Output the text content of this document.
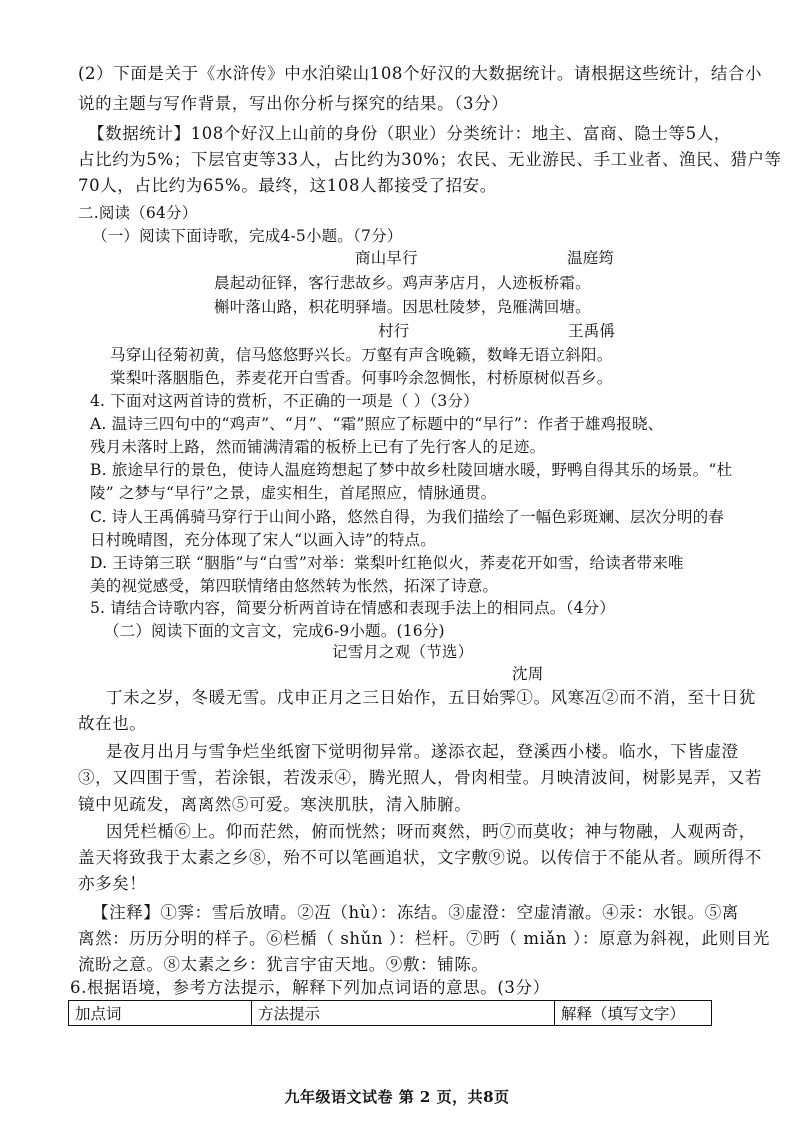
(2）下面是关于《水浒传》中水泊梁山108个好汉的大数据统计。请根据这些统计，结合小
说的主题与写作背景，写出你分析与探究的结果。（3分）
【数据统计】108个好汉上山前的身份（职业）分类统计：地主、富商、隐士等5人，
占比约为5%；下层官吏等33人，占比约为30%；农民、无业游民、手工业者、渔民、猎户等
70人，占比约为65%。最终，这108人都接受了招安。
二.阅读（64分）
（一）阅读下面诗歌，完成4-5小题。（7分）
商山早行	温庭筠
晨起动征铎，客行悲故乡。鸡声茅店月，人迹板桥霜。
槲叶落山路，枳花明驿墙。因思杜陵梦，凫雁满回塘。
村行	王禹偁
马穿山径菊初黄，信马悠悠野兴长。万壑有声含晚籁，数峰无语立斜阳。
棠梨叶落胭脂色，荞麦花开白雪香。何事吟余忽惆怅，村桥原树似吾乡。
4. 下面对这两首诗的赏析，不正确的一项是（ ）（3分）
A. 温诗三四句中的“鸡声”、“月”、“霜”照应了标题中的“早行”：作者于雄鸡报晓、
残月未落时上路，然而铺满清霜的板桥上已有了先行客人的足迹。
B. 旅途早行的景色，使诗人温庭筠想起了梦中故乡杜陵回塘水暖，野鸭自得其乐的场景。“杜
陵” 之梦与“早行”之景，虚实相生，首尾照应，情脉通贯。
C. 诗人王禹偁骑马穿行于山间小路，悠然自得，为我们描绘了一幅色彩斑斓、层次分明的春
日村晚晴图，充分体现了宋人“以画入诗”的特点。
D. 王诗第三联 “胭脂”与“白雪”对举：棠梨叶红艳似火，荞麦花开如雪，给读者带来唯
美的视觉感受，第四联情绪由悠然转为怅然，拓深了诗意。
5. 请结合诗歌内容，简要分析两首诗在情感和表现手法上的相同点。（4分）
（二）阅读下面的文言文，完成6-9小题。(16分)
记雪月之观（节选）
沈周
丁未之岁，冬暖无雪。戊申正月之三日始作，五日始霁①。风寒冱②而不消，至十日犹
故在也。
是夜月出月与雪争烂坐纸窗下觉明彻异常。遂添衣起，登溪西小楼。临水，下皆虚澄
③，又四围于雪，若涂银，若泼汞④，腾光照人，骨肉相莹。月映清波间，树影晃弄，又若
镜中见疏发，离离然⑤可爱。寒浃肌肤，清入肺腑。
因凭栏楯⑥上。仰而茫然，俯而恍然；呀而爽然，眄⑦而莫收；神与物融，人观两奇，
盖天将致我于太素之乡⑧，殆不可以笔画追状，文字敷⑨说。以传信于不能从者。顾所得不
亦多矣！
【注释】①霁：雪后放晴。②冱（hù）：冻结。③虚澄：空虚清澈。④汞：水银。⑤离
离然：历历分明的样子。⑥栏楯（ shǔn ）：栏杆。⑦眄（ miǎn ）：原意为斜视，此则目光
流盼之意。⑧太素之乡：犹言宇宙天地。⑨敷：铺陈。
6.根据语境，参考方法提示，解释下列加点词语的意思。(3分）
加点词	方法提示	解释（填写文字）
九年级语文试卷 第 2 页，共8页
